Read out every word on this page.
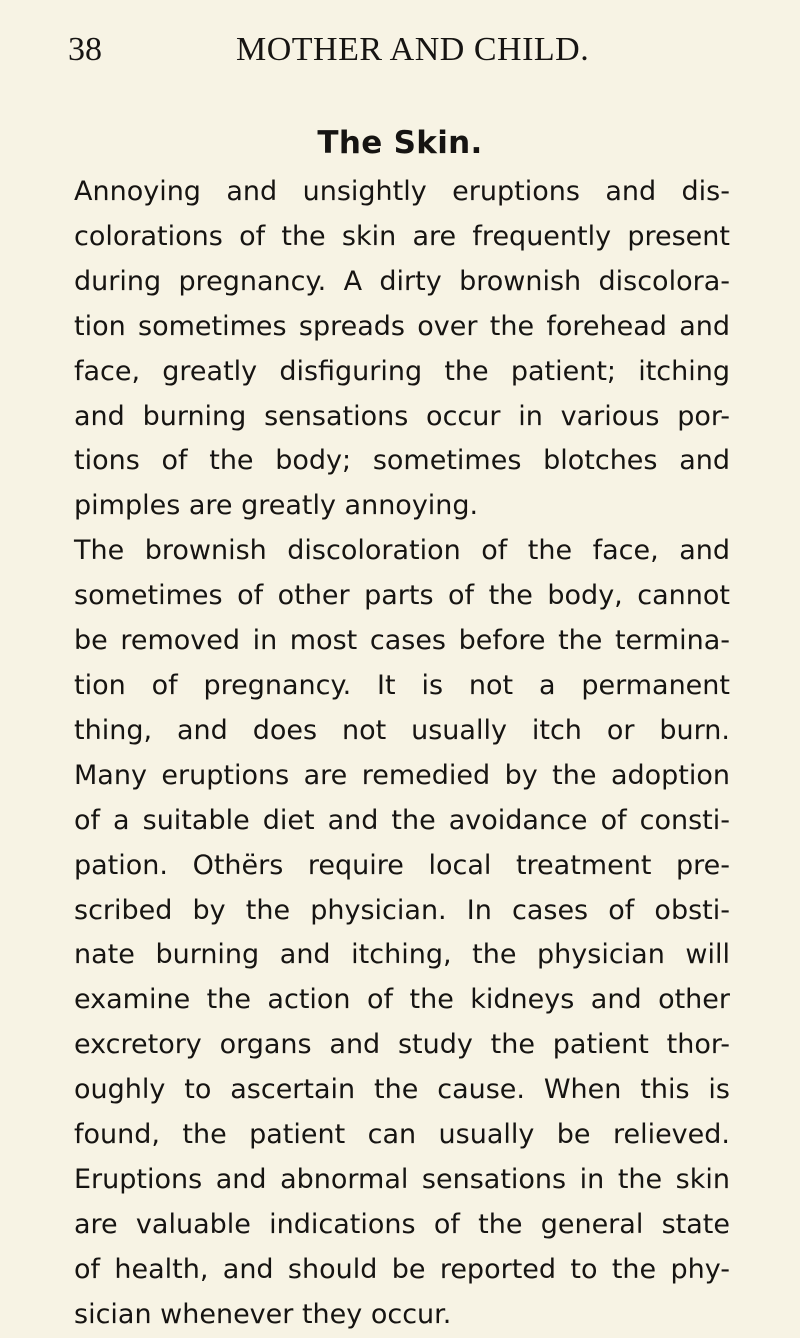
38	MOTHER AND CHILD.
The Skin.
Annoying and unsightly eruptions and dis-
colorations of the skin are frequently present
during pregnancy. A dirty brownish discolora-
tion sometimes spreads over the forehead and
face, greatly disfiguring the patient; itching
and burning sensations occur in various por-
tions of the body; sometimes blotches and
pimples are greatly annoying.
The brownish discoloration of the face, and
sometimes of other parts of the body, cannot
be removed in most cases before the termina-
tion of pregnancy. It is not a permanent
thing, and does not usually itch or burn.
Many eruptions are remedied by the adoption
of a suitable diet and the avoidance of consti-
pation. Othërs require local treatment pre-
scribed by the physician. In cases of obsti-
nate burning and itching, the physician will
examine the action of the kidneys and other
excretory organs and study the patient thor-
oughly to ascertain the cause. When this is
found, the patient can usually be relieved.
Eruptions and abnormal sensations in the skin
are valuable indications of the general state
of health, and should be reported to the phy-
sician whenever they occur.
